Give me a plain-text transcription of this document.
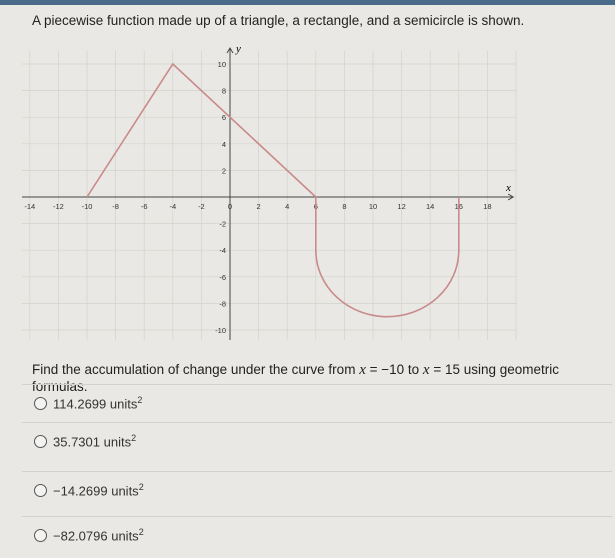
A piecewise function made up of a triangle, a rectangle, and a semicircle is shown.
x
y
-14 -12 -10	-8	-6	-4	-2	0	2	4	6	8	10	12	14	16	18
10
8
6
4
2
-2
-4
-6
-8
-10
Find the accumulation of change under the curve from x = −10 to x = 15 using geometric formulas.
114.2699 units$^2$
35.7301 units$^2$
−14.2699 units$^2$
−82.0796 units$^2$
